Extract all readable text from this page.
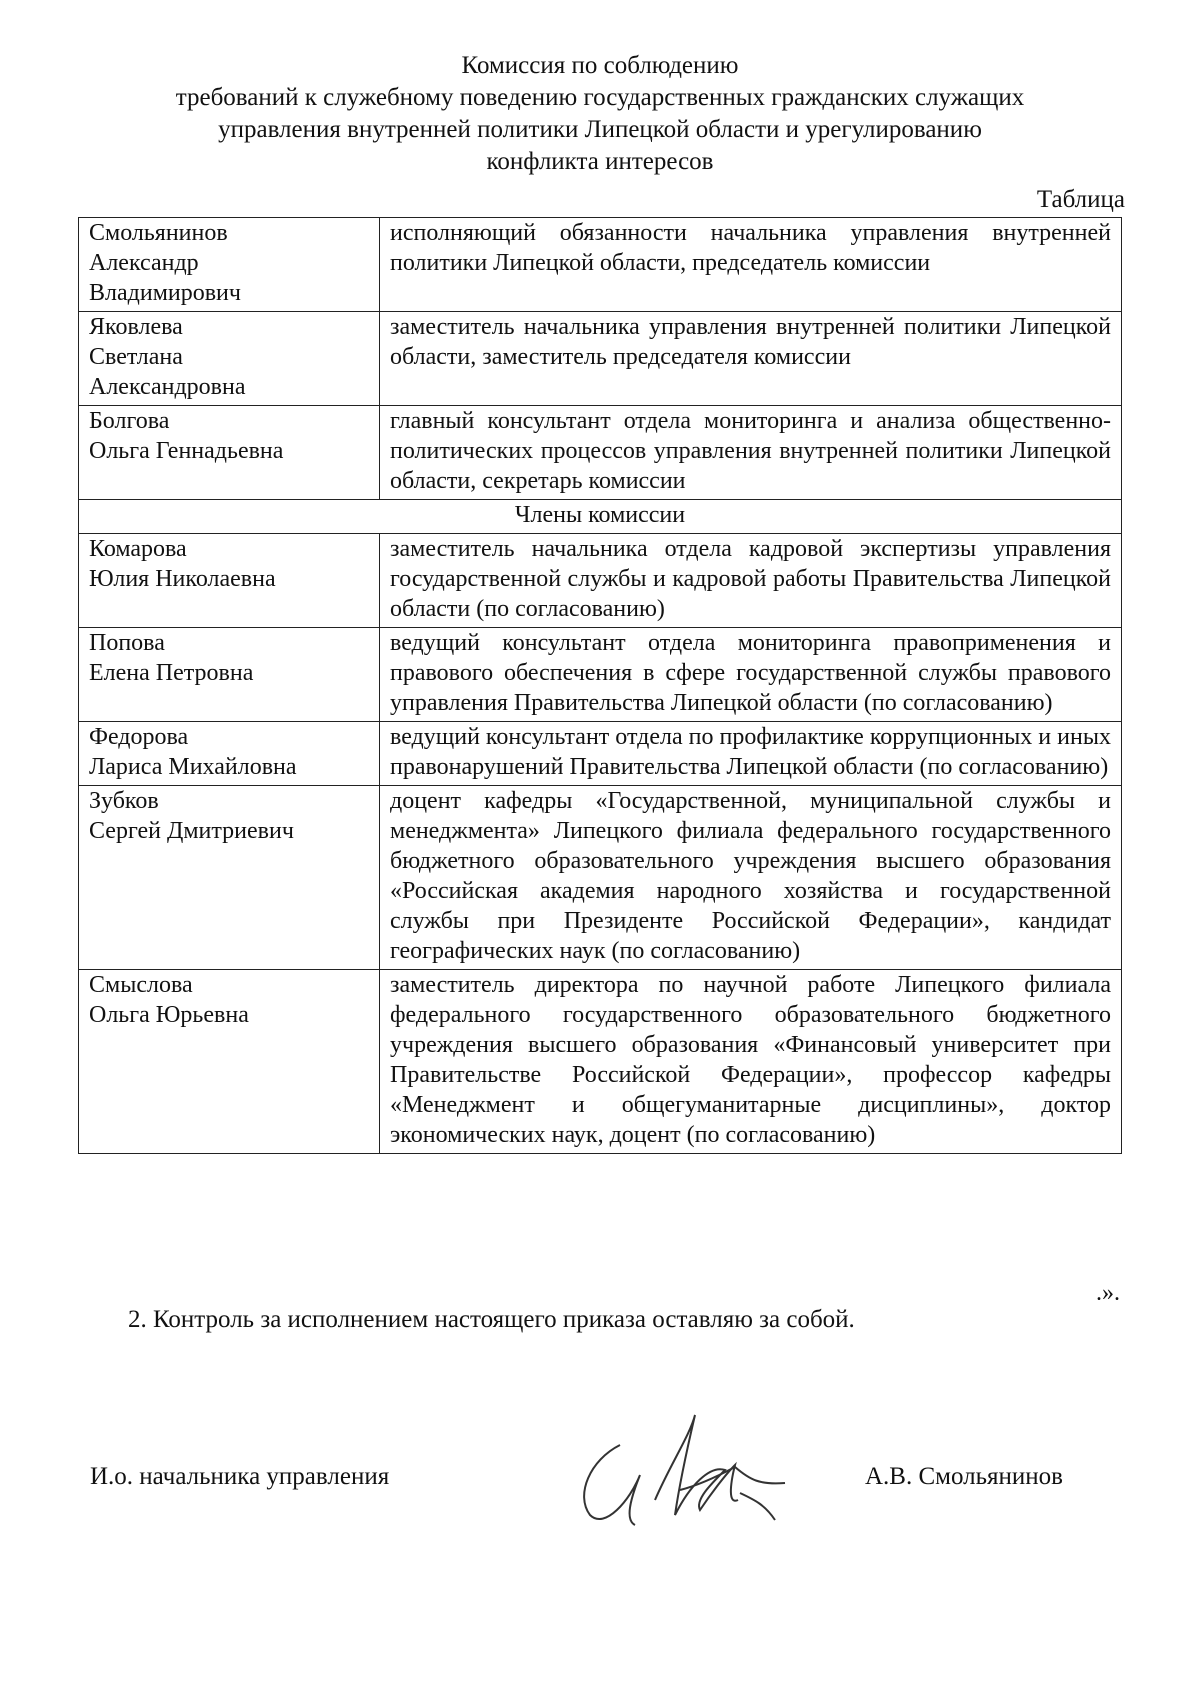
Комиссия по соблюдению
требований к служебному поведению государственных гражданских служащих
управления внутренней политики Липецкой области и урегулированию
конфликта интересов
Таблица
Смольянинов
Александр
Владимирович	исполняющий обязанности начальника управления внутренней политики Липецкой области, председатель комиссии
Яковлева
Светлана
Александровна	заместитель начальника управления внутренней политики Липецкой области, заместитель председателя комиссии
Болгова
Ольга Геннадьевна	главный консультант отдела мониторинга и анализа общественно-политических процессов управления внутренней политики Липецкой области, секретарь комиссии
Члены комиссии	
Комарова
Юлия Николаевна	заместитель начальника отдела кадровой экспертизы управления государственной службы и кадровой работы Правительства Липецкой области (по согласованию)
Попова
Елена Петровна	ведущий консультант отдела мониторинга правоприменения и правового обеспечения в сфере государственной службы правового управления Правительства Липецкой области (по согласованию)
Федорова
Лариса Михайловна	ведущий консультант отдела по профилактике коррупционных и иных правонарушений Правительства Липецкой области (по согласованию)
Зубков
Сергей Дмитриевич	доцент кафедры «Государственной, муниципальной службы и менеджмента» Липецкого филиала федерального государственного бюджетного образовательного учреждения высшего образования «Российская академия народного хозяйства и государственной службы при Президенте Российской Федерации», кандидат географических наук (по согласованию)
Смыслова
Ольга Юрьевна	заместитель директора по научной работе Липецкого филиала федерального государственного образовательного бюджетного учреждения высшего образования «Финансовый университет при Правительстве Российской Федерации», профессор кафедры «Менеджмент и общегуманитарные дисциплины», доктор экономических наук, доцент (по согласованию)
.».
2. Контроль за исполнением настоящего приказа оставляю за собой.
И.о. начальника управления	А.В. Смольянинов
